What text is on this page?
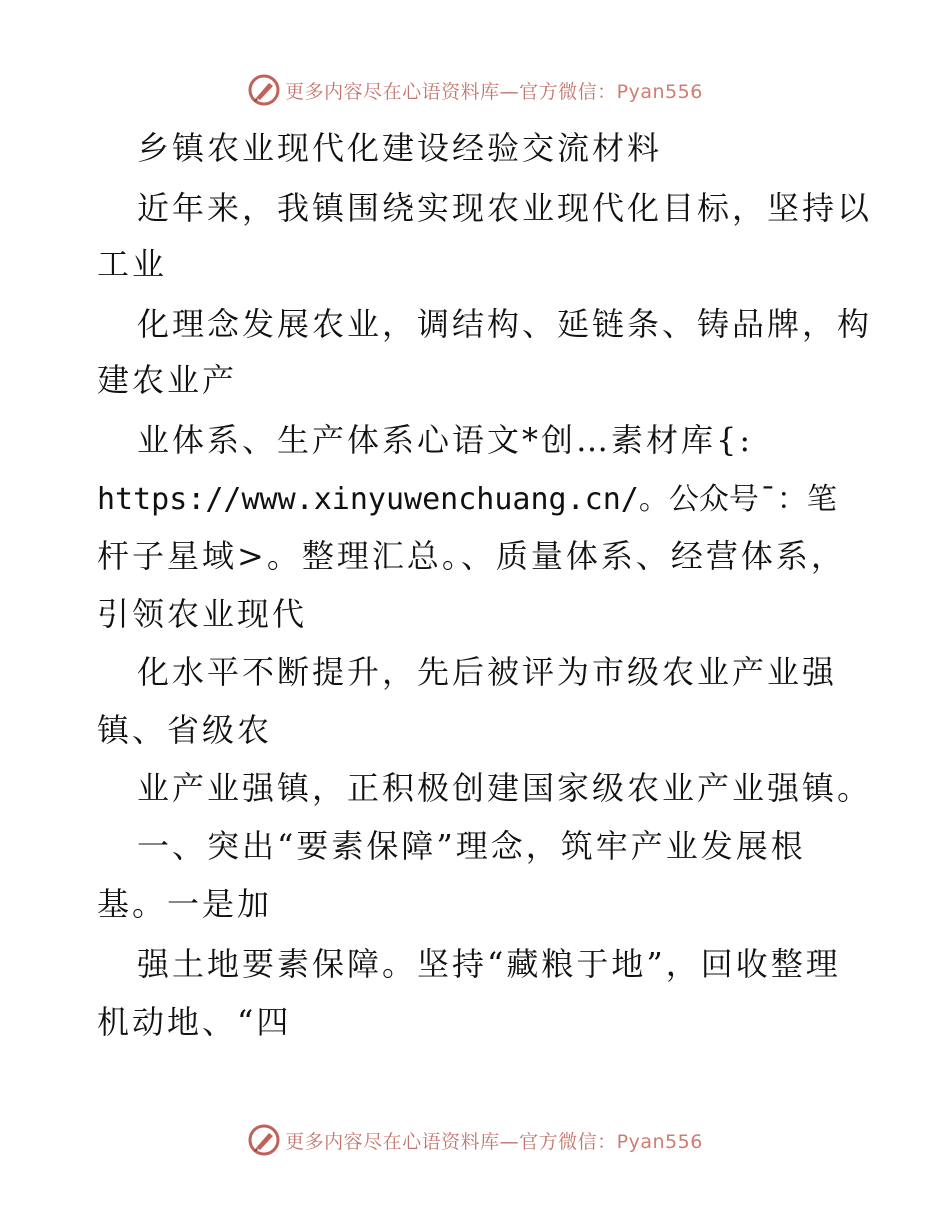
更多内容尽在心语资料库—官方微信：Pyan556
乡镇农业现代化建设经验交流材料
近年来，我镇围绕实现农业现代化目标，坚持以
工业
化理念发展农业，调结构、延链条、铸品牌，构
建农业产
业体系、生产体系心语文*创…素材库{:
https://www.xinyuwenchuang.cn/。公众号¯：笔
杆子星域>。整理汇总。、质量体系、经营体系，
引领农业现代
化水平不断提升，先后被评为市级农业产业强
镇、省级农
业产业强镇，正积极创建国家级农业产业强镇。
一、突出“要素保障”理念，筑牢产业发展根
基。一是加
强土地要素保障。坚持“藏粮于地”，回收整理
机动地、“四
更多内容尽在心语资料库—官方微信：Pyan556
